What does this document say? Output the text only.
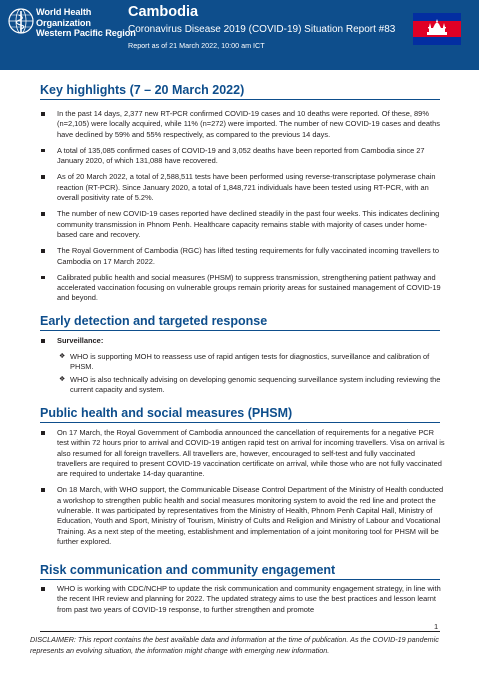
World Health
Organization
Western Pacific Region
Cambodia
Coronavirus Disease 2019 (COVID-19) Situation Report #83
Report as of 21 March 2022, 10:00 am ICT
Key highlights (7 – 20 March 2022)
In the past 14 days, 2,377 new RT-PCR confirmed COVID-19 cases and 10 deaths were reported. Of these, 89% (n=2,105) were locally acquired, while 11% (n=272) were imported. The number of new COVID-19 cases and deaths have declined by 59% and 55% respectively, as compared to the previous 14 days.
A total of 135,085 confirmed cases of COVID-19 and 3,052 deaths have been reported from Cambodia since 27 January 2020, of which 131,088 have recovered.
As of 20 March 2022, a total of 2,588,511 tests have been performed using reverse-transcriptase polymerase chain reaction (RT-PCR). Since January 2020, a total of 1,848,721 individuals have been tested using RT-PCR, with an overall positivity rate of 5.2%.
The number of new COVID-19 cases reported have declined steadily in the past four weeks. This indicates declining community transmission in Phnom Penh. Healthcare capacity remains stable with majority of cases under home-based care and recovery.
The Royal Government of Cambodia (RGC) has lifted testing requirements for fully vaccinated incoming travellers to Cambodia on 17 March 2022.
Calibrated public health and social measures (PHSM) to suppress transmission, strengthening patient pathway and accelerated vaccination focusing on vulnerable groups remain priority areas for sustained management of COVID-19 and beyond.
Early detection and targeted response
Surveillance:
❖ WHO is supporting MOH to reassess use of rapid antigen tests for diagnostics, surveillance and calibration of PHSM.
❖ WHO is also technically advising on developing genomic sequencing surveillance system including reviewing the current capacity and system.
Public health and social measures (PHSM)
On 17 March, the Royal Government of Cambodia announced the cancellation of requirements for a negative PCR test within 72 hours prior to arrival and COVID-19 antigen rapid test on arrival for incoming travellers. Visa on arrival is also resumed for all foreign travellers. All travellers are, however, encouraged to self-test and fully vaccinated travellers are required to present COVID-19 vaccination certificate on arrival, while those who are not fully vaccinated are required to undertake 14-day quarantine.
On 18 March, with WHO support, the Communicable Disease Control Department of the Ministry of Health conducted a workshop to strengthen public health and social measures monitoring system to avoid the red line and protect the vulnerable. It was participated by representatives from the Ministry of Health, Phnom Penh Capital Hall, Ministry of Education, Youth and Sport, Ministry of Tourism, Ministry of Cults and Religion and Ministry of Labour and Vocational Training. As a next step of the meeting, establishment and implementation of a joint monitoring tool for PHSM will be further explored.
Risk communication and community engagement
WHO is working with CDC/NCHP to update the risk communication and community engagement strategy, in line with the recent IHR review and planning for 2022. The updated strategy aims to use the best practices and lesson learnt from past two years of COVID-19 response, to further strengthen and promote
1
DISCLAIMER: This report contains the best available data and information at the time of publication. As the COVID-19 pandemic represents an evolving situation, the information might change with emerging new information.
